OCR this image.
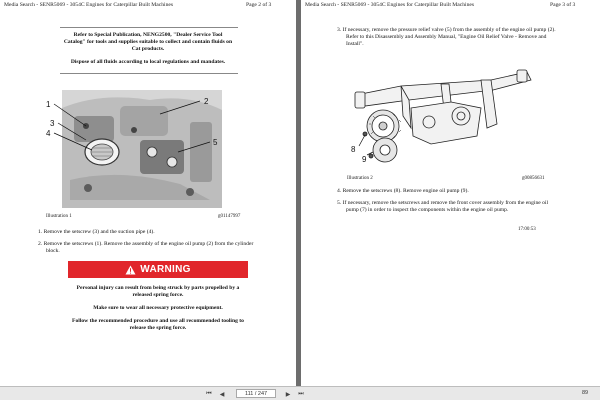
Media Search - SENR5069 - 3054C Engines for Caterpillar Built Machines	Page 2 of 3
Refer to Special Publication, NENG2500, "Dealer Service Tool
Catalog" for tools and supplies suitable to collect and contain fluids on
Cat products.
Dispose of all fluids according to local regulations and mandates.
1	2
3
4
5
Illustration 1	g01147997
1. Remove the setscrew (3) and the suction pipe (4).
2. Remove the setscrews (1). Remove the assembly of the engine oil pump (2) from the cylinder
block.
WARNING
Personal injury can result from being struck by parts propelled by a
released spring force.
Make sure to wear all necessary protective equipment.
Follow the recommended procedure and use all recommended tooling to
release the spring force.
Media Search - SENR5069 - 3054C Engines for Caterpillar Built Machines	Page 3 of 3
3. If necessary, remove the pressure relief valve (5) from the assembly of the engine oil pump (2).
Refer to this Disassembly and Assembly Manual, "Engine Oil Relief Valve - Remove and
Install".
8
9
Illustration 2	g00856631
4. Remove the setscrews (8). Remove engine oil pump (9).
5. If necessary, remove the setscrews and remove the front cover assembly from the engine oil
pump (7) in order to inspect the components within the engine oil pump.
17:00:53
⏮ ◀	111 / 247	▶ ⏭	89
